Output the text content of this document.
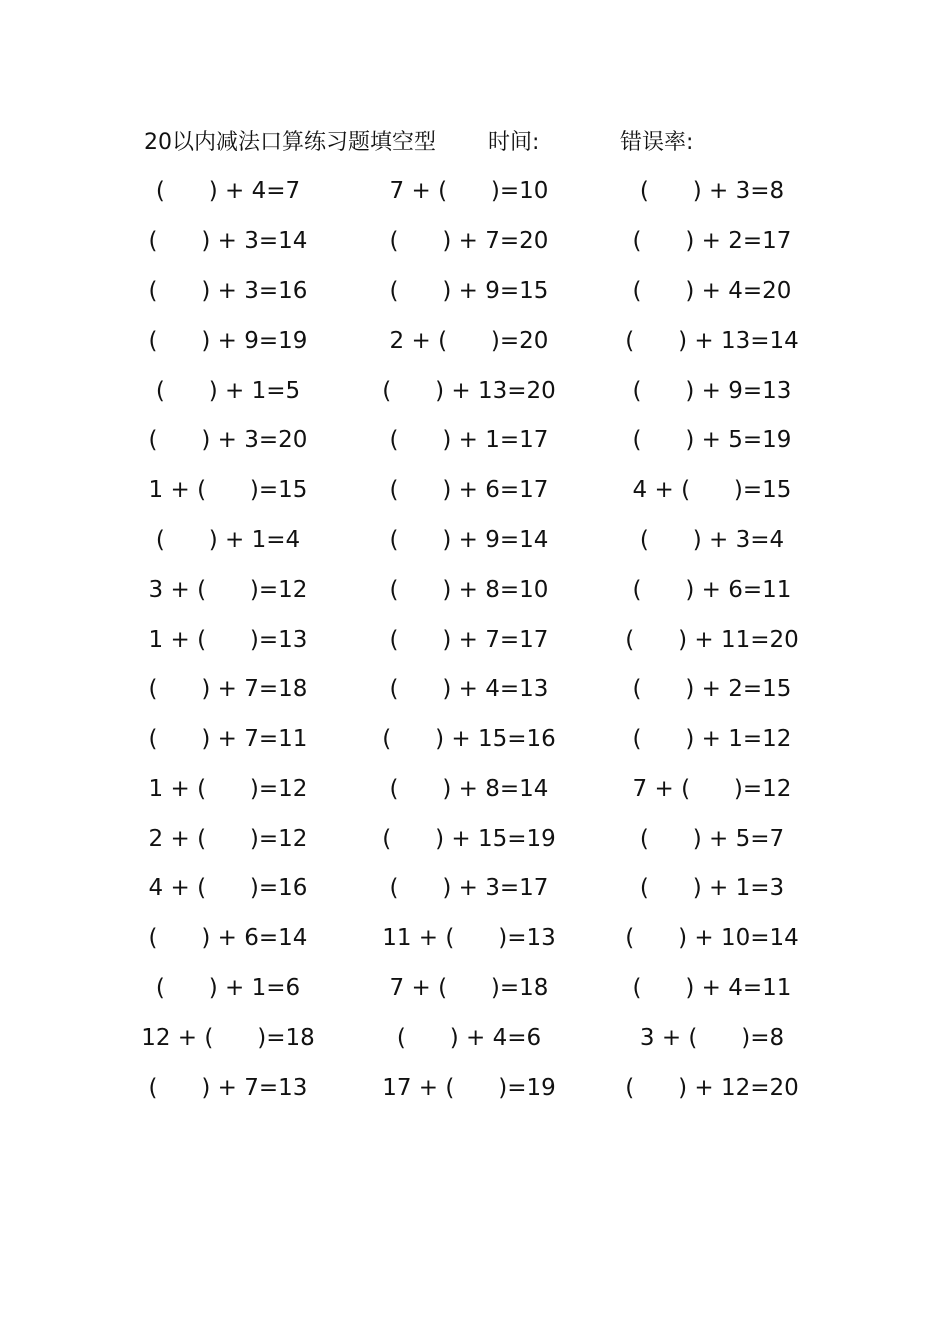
20以内减法口算练习题填空型 时间:	错误率:
(      ) + 4=7	7 + (      )=10	(      ) + 3=8
(      ) + 3=14	(      ) + 7=20	(      ) + 2=17
(      ) + 3=16	(      ) + 9=15	(      ) + 4=20
(      ) + 9=19	2 + (      )=20	(      ) + 13=14
(      ) + 1=5	(      ) + 13=20	(      ) + 9=13
(      ) + 3=20	(      ) + 1=17	(      ) + 5=19
1 + (      )=15	(      ) + 6=17	4 + (      )=15
(      ) + 1=4	(      ) + 9=14	(      ) + 3=4
3 + (      )=12	(      ) + 8=10	(      ) + 6=11
1 + (      )=13	(      ) + 7=17	(      ) + 11=20
(      ) + 7=18	(      ) + 4=13	(      ) + 2=15
(      ) + 7=11	(      ) + 15=16	(      ) + 1=12
1 + (      )=12	(      ) + 8=14	7 + (      )=12
2 + (      )=12	(      ) + 15=19	(      ) + 5=7
4 + (      )=16	(      ) + 3=17	(      ) + 1=3
(      ) + 6=14	11 + (      )=13	(      ) + 10=14
(      ) + 1=6	7 + (      )=18	(      ) + 4=11
12 + (      )=18	(      ) + 4=6	3 + (      )=8
(      ) + 7=13	17 + (      )=19	(      ) + 12=20
